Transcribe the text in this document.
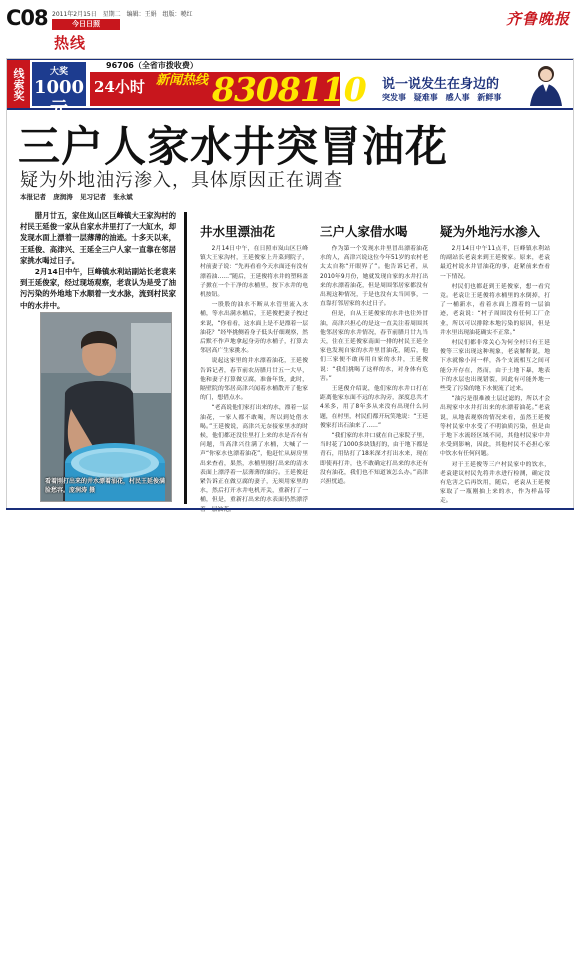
C08 2011年2月15日 星期二 编辑：王娟 组版：曉红
今日日照
热线
齐鲁晚报
线索奖	大奖
1000元
96706（全省市拨收费）
24小时 新闻热线 8308110 说一说发生在身边的
突发事 疑难事 感人事 新鲜事
三户人家水井突冒油花
疑为外地油污渗入，具体原因正在调查
本报记者 庞润涛 见习记者 张永斌

腊月廿五，家住岚山区巨峰镇大王家沟村的村民王延俊一家从自家水井里打了一大缸水，却发现水面上漂着一层薄薄的油迹。十多天以来，王延俊、高津兴、王延全三户人家一直靠在邻居家挑水喝过日子。

2月14日中午，巨峰镇水利站副站长老袁来到王延俊家，经过现场观察，老袁认为是受了油污污染的外地地下水顺着一支水脉，流到村民家中的水井中。

看着刚打出来的井水漂着油花，村民王延俊满脸愁容。庞润涛 摄
井水里漂油花

2月14日中午，在日照市岚山区巨峰镇大王家沟村，王延俊家上升菜到院子，村前妻子说：“先再看看今天水面还有没有漂着油……”随后，王延俊将水井的塑料盖子掀在一个干净的水桶里，按下水井的电机按钮。

一股股的油水不断从水管里流入水桶，等水出满水桶后，王延俊把妻子拽过来说，“你看看，这水面上是不是漂着一层油花？”经毕挑侧着身子低头仔细观察，然后默不作声地拿起身旁的水桶子，打算去邻居高广生家挑水。

说起这家里的井水漂着油花，王延俊告诉记者，春节前农历腊月廿五一大早，他和妻子打算做豆腐，准备年货，此时，隔壁院的邻居高津兴闻着水桶散开了他家的门，想借点水。

“老高说他们家打出来的水，漂着一层油花，一家人都不敢喝，所以到处借水喝。”王延俊说，高津兴无奈接家里水的时候，他们都还没往里打上来的水是否有有问题，当高津兴往满了水桶，大喊了一声“你家水也漂着油花”，他赶忙从厨房里出来查看，果然，水桶里刚打出来的清水表面上漂浮着一层薄薄的油污。王延俊赶紧告诉正在做豆腐的妻子，无须用家里的水，然后打开水井电机开关，重新打了一桶，但是，重新打出来的水表面仍然漂浮

三户人家借水喝

作为第一个发现水井里冒出漂着油花水的人，高津兴说这位今年51岁的农村老太太自称“开眼界了”。他告诉记者，从2010年9月份，她就发现自家的水井打出来的水漂着油花，但是周围邻居家都没有出现这种情况，于是也没有太当回事，一直靠打邻居家的水过日子。

但是，自从王延俊家的水井也往外冒油，高津兴担心的是这一直关注着周围其他邻居家的水井情况，春节前腊月廿九当天，住在王延俊家南面一排的村民王延全家也发现自家的水井里冒油花，随后，他们三家便不敢再用自家的水井，王延俊说：“我们挑喝了这样的水，对身体有危害。”

王延俊介绍说，他们家的水井口打在距离他家东面不远的水沟旁，深度总共才4米多，用了8年多从来没有出现什么问题，在村里，村民们都开玩笑地说：“王延俊家打出石油来了……”

“我们家的水井口就在自己家院子里，当时花了1000多块钱打的，由于地下都是青石，用钻打了18米深才打出水来，现在即使再打井，也不敢确定打出来的水还有没有油花，我们也不知道该怎么办。”高津兴担忧道。

疑为外地污水渗入

2月14日中午11点半，巨峰镇水利站的副站长老袁来到王延俊家。原来，老袁最近村说水井冒油花的事，赶紧前来查看一下情况。

村民们也都赶到王延俊家，想一看究竟。老袁让王延俊将水桶里的水倒掉，打了一桶新水，看着水面上漂着的一层油迹，老袁说：“村子周围没有任何工厂企业，所以可以排除本地污染的原因，但是井水里出现油花确实不正常。”

村民们都非常关心为何全村只有王延俊等三家出现这种现象，老袁解释说，地下水就像小河一样，各个支流相互之间可能分开存在，然而，由于土地下暴，地表下的水层也出现错裂，因此有可能外地一些受了污染的地下水便流了过来。

“油污是很难被土层过滤的，所以才会出现家中水井打出来的水漂着油花。”老袁说，从地表观察的情况来看，虽然王延俊等村民家中水受了不明油质污染，但是由于地下水流经区域不同，其他村民家中井水受到影响，因此，其他村民不必担心家中饮水有任何问题。

对于王延俊等三户村民家中的饮水，老袁建议村民先将井水进行检测，确定没有危害之后再饮用，随后，老袁从王延俊家取了一瓶刚抽上来的水，作为样品带走。
